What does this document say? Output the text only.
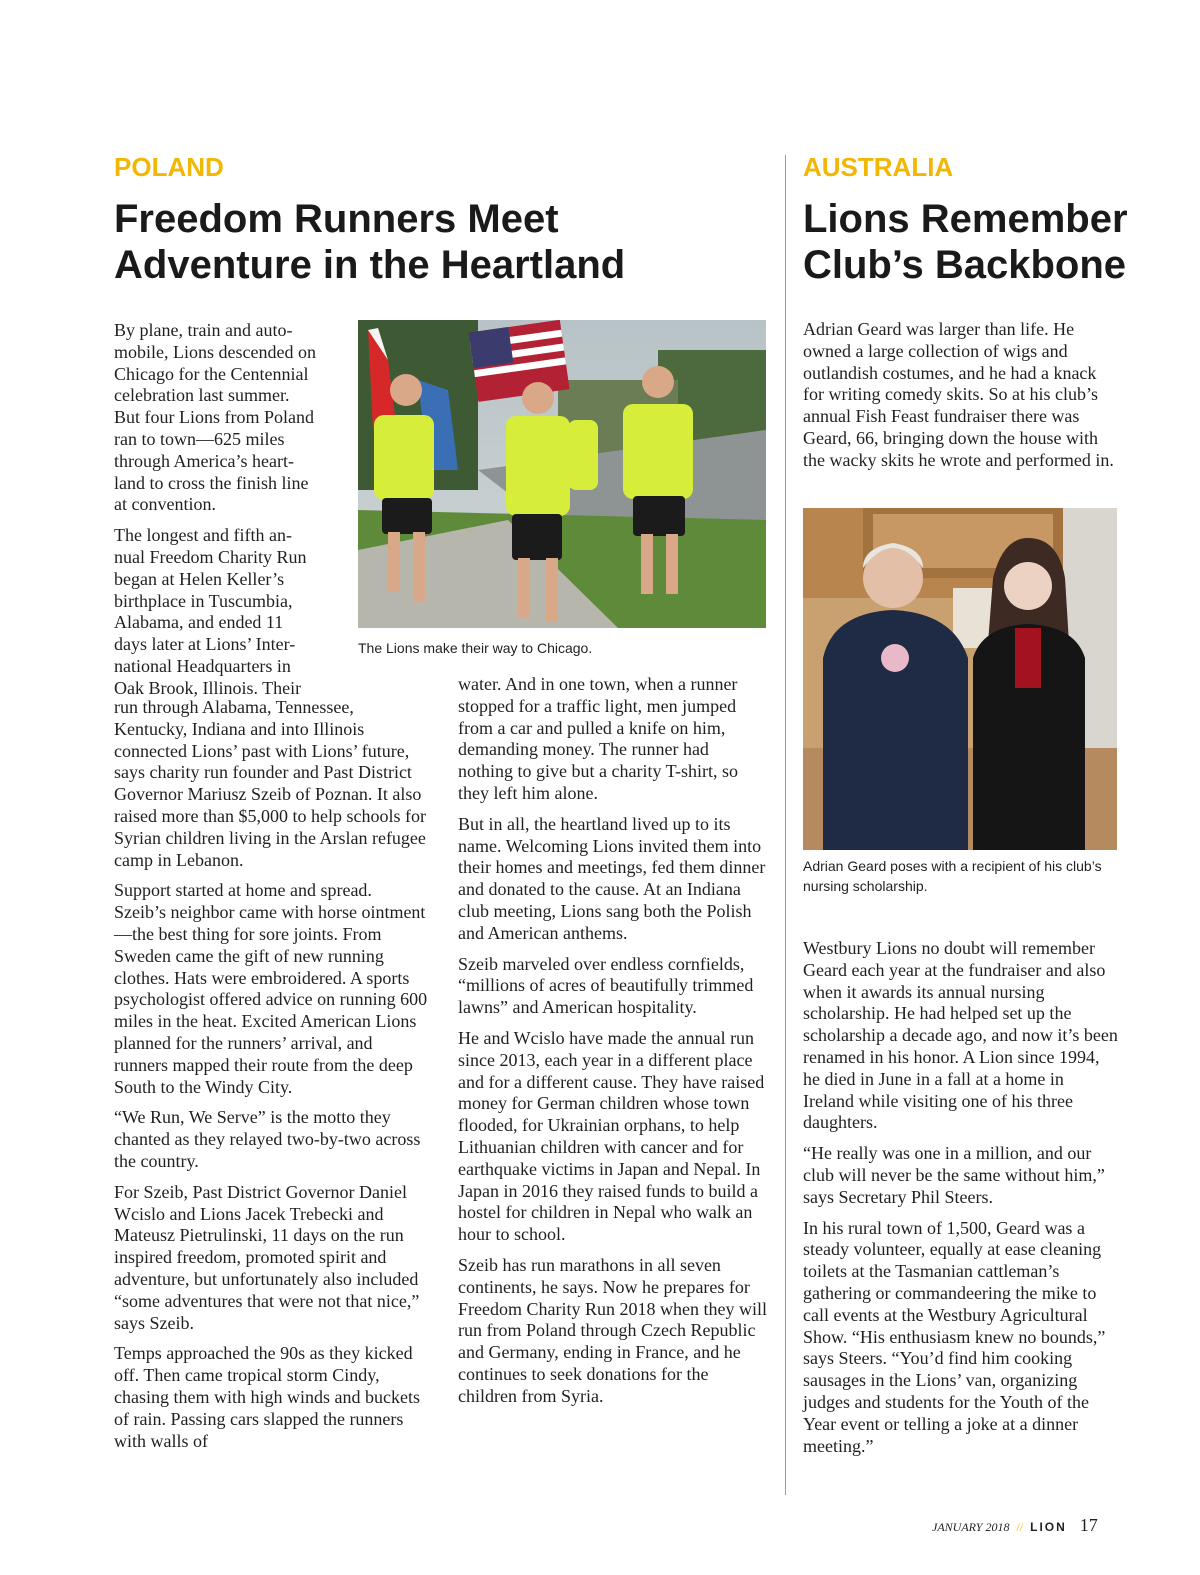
POLAND
Freedom Runners Meet
Adventure in the Heartland
By plane, train and auto-
mobile, Lions descended on
Chicago for the Centennial
celebration last summer.
But four Lions from Poland
ran to town—625 miles
through America’s heart-
land to cross the finish line
at convention.
The longest and fifth an-
nual Freedom Charity Run
began at Helen Keller’s
birthplace in Tuscumbia,
Alabama, and ended 11
days later at Lions’ Inter-
national Headquarters in
Oak Brook, Illinois. Their
The Lions make their way to Chicago.

run through Alabama, Tennessee, Kentucky, Indiana and into Illinois connected Lions’ past with Lions’ future, says charity run founder and Past District Governor Mariusz Szeib of Poznan. It also raised more than $5,000 to help schools for Syrian children living in the Arslan refugee camp in Lebanon.

Support started at home and spread. Szeib’s neighbor came with horse ointment—the best thing for sore joints. From Sweden came the gift of new running clothes. Hats were embroidered. A sports psychologist offered advice on running 600 miles in the heat. Excited American Lions planned for the runners’ arrival, and runners mapped their route from the deep South to the Windy City.

“We Run, We Serve” is the motto they chanted as they relayed two-by-two across the country.

For Szeib, Past District Governor Daniel Wcislo and Lions Jacek Trebecki and Mateusz Pietrulinski, 11 days on the run inspired freedom, promoted spirit and adventure, but unfortunately also included “some adventures that were not that nice,” says Szeib.

Temps approached the 90s as they kicked off. Then came tropical storm Cindy, chasing them with high winds and buckets of rain. Passing cars slapped the runners with walls of

water. And in one town, when a runner stopped for a traffic light, men jumped from a car and pulled a knife on him, demanding money. The runner had nothing to give but a charity T-shirt, so they left him alone.

But in all, the heartland lived up to its name. Welcoming Lions invited them into their homes and meetings, fed them dinner and donated to the cause. At an Indiana club meeting, Lions sang both the Polish and American anthems.

Szeib marveled over endless cornfields, “millions of acres of beautifully trimmed lawns” and American hospitality.

He and Wcislo have made the annual run since 2013, each year in a different place and for a different cause. They have raised money for German children whose town flooded, for Ukrainian orphans, to help Lithuanian children with cancer and for earthquake victims in Japan and Nepal. In Japan in 2016 they raised funds to build a hostel for children in Nepal who walk an hour to school.

Szeib has run marathons in all seven continents, he says. Now he prepares for Freedom Charity Run 2018 when they will run from Poland through Czech Republic and Germany, ending in France, and he continues to seek donations for the children from Syria.

AUSTRALIA
Lions Remember
Club’s Backbone

Adrian Geard was larger than life. He owned a large collection of wigs and outlandish costumes, and he had a knack for writing comedy skits. So at his club’s annual Fish Feast fundraiser there was Geard, 66, bringing down the house with the wacky skits he wrote and performed in.

Adrian Geard poses with a recipient of his club’s nursing scholarship.

Westbury Lions no doubt will remember Geard each year at the fundraiser and also when it awards its annual nursing scholarship. He had helped set up the scholarship a decade ago, and now it’s been renamed in his honor. A Lion since 1994, he died in June in a fall at a home in Ireland while visiting one of his three daughters.

“He really was one in a million, and our club will never be the same without him,” says Secretary Phil Steers.

In his rural town of 1,500, Geard was a steady volunteer, equally at ease cleaning toilets at the Tasmanian cattleman’s gathering or commandeering the mike to call events at the Westbury Agricultural Show. “His enthusiasm knew no bounds,” says Steers. “You’d find him cooking sausages in the Lions’ van, organizing judges and students for the Youth of the Year event or telling a joke at a dinner meeting.”

JANUARY 2018 // LION 17
